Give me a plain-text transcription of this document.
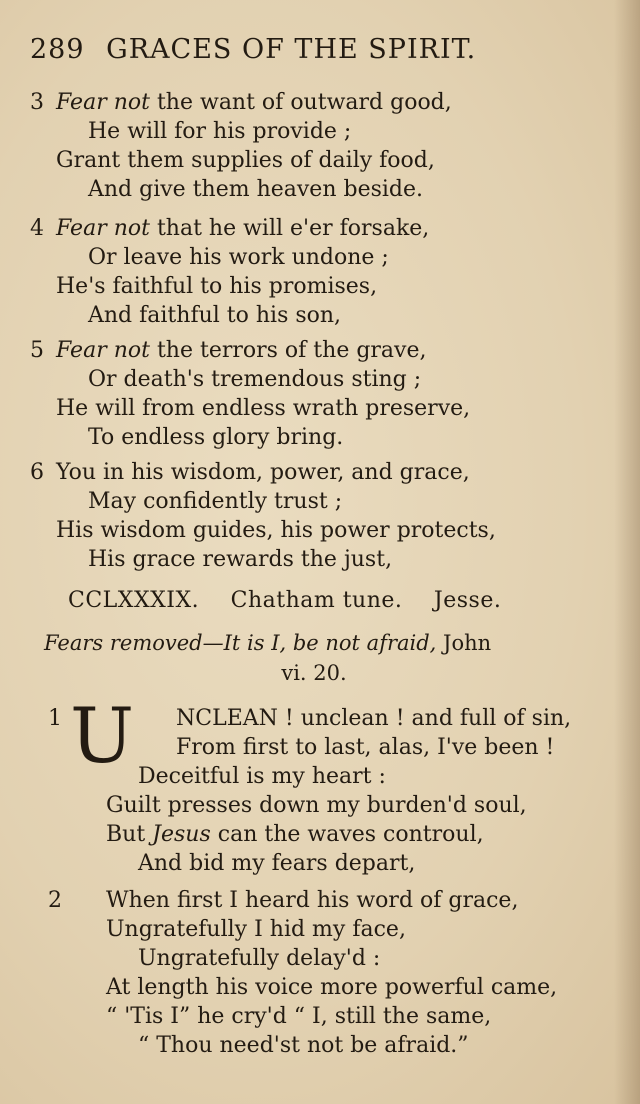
289 GRACES OF THE SPIRIT.
3 Fear not the want of outward good,
He will for his provide ;
Grant them supplies of daily food,
And give them heaven beside.
4 Fear not that he will e'er forsake,
Or leave his work undone ;
He's faithful to his promises,
And faithful to his son,
5 Fear not the terrors of the grave,
Or death's tremendous sting ;
He will from endless wrath preserve,
To endless glory bring.
6 You in his wisdom, power, and grace,
May confidently trust ;
His wisdom guides, his power protects,
His grace rewards the just,
CCLXXXIX. Chatham tune. Jesse.
Fears removed—It is I, be not afraid, John
vi. 20.
U
1	NCLEAN ! unclean ! and full of sin,
From first to last, alas, I've been !
Deceitful is my heart :
Guilt presses down my burden'd soul,
But Jesus can the waves controul,
And bid my fears depart,
2 When first I heard his word of grace,
Ungratefully I hid my face,
Ungratefully delay'd :
At length his voice more powerful came,
“ 'Tis I” he cry'd “ I, still the same,
“ Thou need'st not be afraid.”
